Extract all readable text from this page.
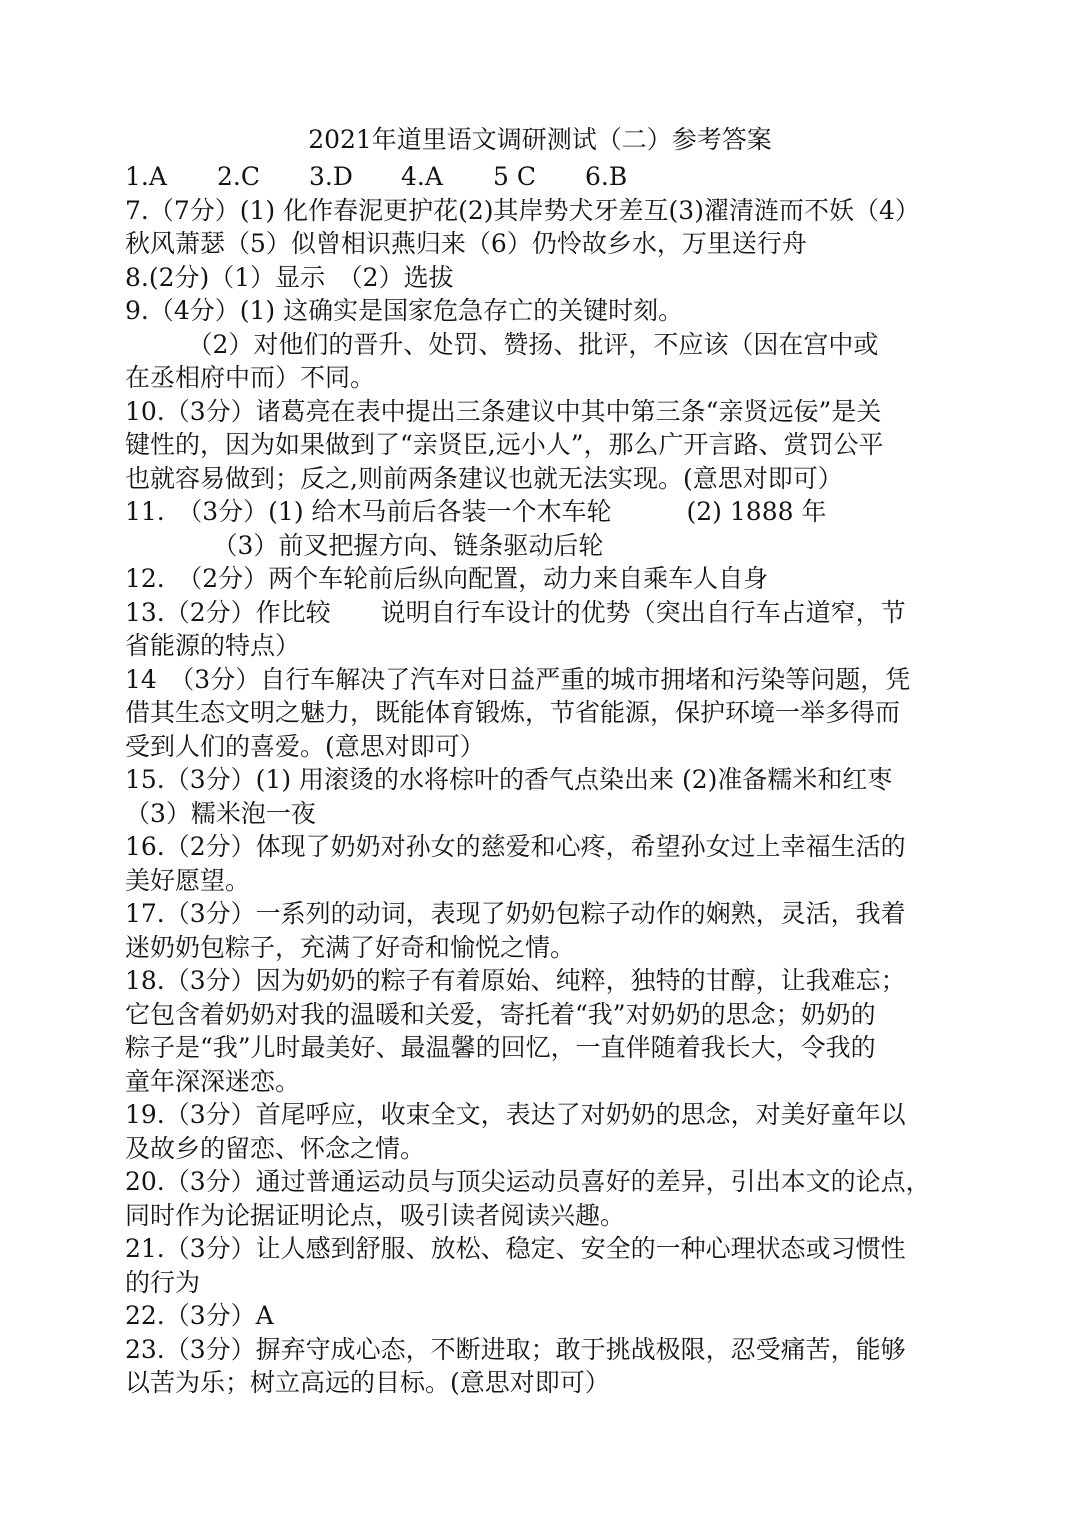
2021年道里语文调研测试（二）参考答案
1.A	2.C	3.D	4.A	5 C	6.B
7.（7分）(1) 化作春泥更护花(2)其岸势犬牙差互(3)濯清涟而不妖（4）
秋风萧瑟（5）似曾相识燕归来（6）仍怜故乡水，万里送行舟
8.(2分)（1）显示　（2）选拔
9.（4分）(1) 这确实是国家危急存亡的关键时刻。
　　　（2）对他们的晋升、处罚、赞扬、批评，不应该（因在宫中或
在丞相府中而）不同。
10.（3分）诸葛亮在表中提出三条建议中其中第三条“亲贤远佞”是关
键性的，因为如果做到了“亲贤臣,远小人”，那么广开言路、赏罚公平
也就容易做到；反之,则前两条建议也就无法实现。(意思对即可）
11.　（3分）(1) 给木马前后各装一个木车轮　　　(2) 1888 年
　　　　（3）前叉把握方向、链条驱动后轮
12.　（2分）两个车轮前后纵向配置，动力来自乘车人自身
13.（2分）作比较　　说明自行车设计的优势（突出自行车占道窄，节
省能源的特点）
14　（3分）自行车解决了汽车对日益严重的城市拥堵和污染等问题，凭
借其生态文明之魅力，既能体育锻炼，节省能源，保护环境一举多得而
受到人们的喜爱。(意思对即可）
15.（3分）(1) 用滚烫的水将棕叶的香气点染出来 (2)准备糯米和红枣
（3）糯米泡一夜
16.（2分）体现了奶奶对孙女的慈爱和心疼，希望孙女过上幸福生活的
美好愿望。
17.（3分）一系列的动词，表现了奶奶包粽子动作的娴熟，灵活，我着
迷奶奶包粽子，充满了好奇和愉悦之情。
18.（3分）因为奶奶的粽子有着原始、纯粹，独特的甘醇，让我难忘；
它包含着奶奶对我的温暖和关爱，寄托着“我”对奶奶的思念；奶奶的
粽子是“我”儿时最美好、最温馨的回忆，一直伴随着我长大，令我的
童年深深迷恋。
19.（3分）首尾呼应，收束全文，表达了对奶奶的思念，对美好童年以
及故乡的留恋、怀念之情。
20.（3分）通过普通运动员与顶尖运动员喜好的差异，引出本文的论点，
同时作为论据证明论点，吸引读者阅读兴趣。
21.（3分）让人感到舒服、放松、稳定、安全的一种心理状态或习惯性
的行为
22.（3分）A
23.（3分）摒弃守成心态，不断进取；敢于挑战极限，忍受痛苦，能够
以苦为乐；树立高远的目标。(意思对即可）
